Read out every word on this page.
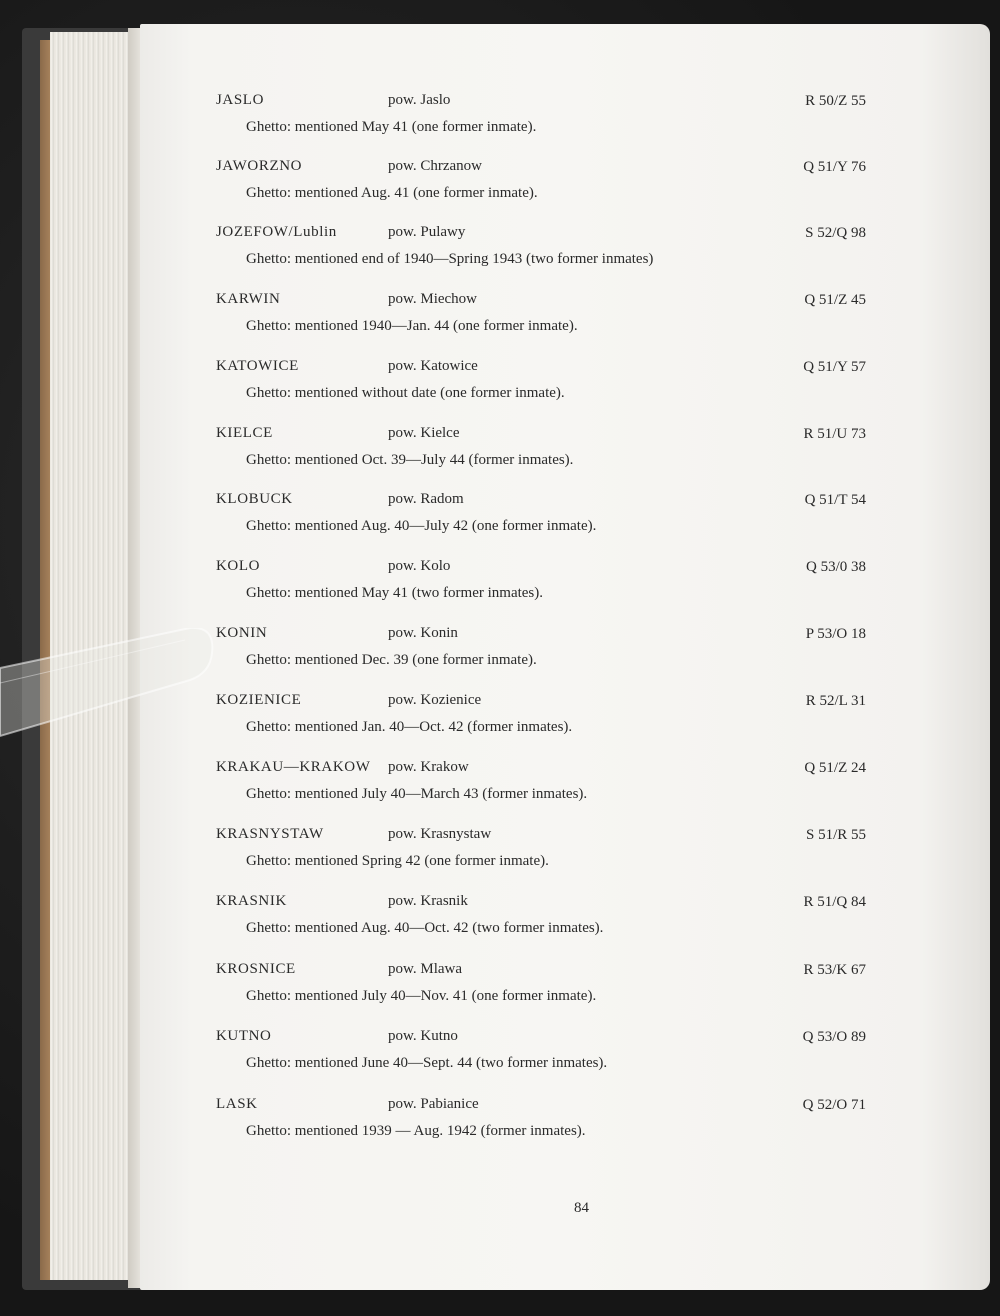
JASLO	pow. Jaslo	R 50/Z 55
Ghetto: mentioned May 41 (one former inmate).
JAWORZNO	pow. Chrzanow	Q 51/Y 76
Ghetto: mentioned Aug. 41 (one former inmate).
JOZEFOW/Lublin	pow. Pulawy	S 52/Q 98
Ghetto: mentioned end of 1940—Spring 1943 (two former inmates)
KARWIN	pow. Miechow	Q 51/Z 45
Ghetto: mentioned 1940—Jan. 44 (one former inmate).
KATOWICE	pow. Katowice	Q 51/Y 57
Ghetto: mentioned without date (one former inmate).
KIELCE	pow. Kielce	R 51/U 73
Ghetto: mentioned Oct. 39—July 44 (former inmates).
KLOBUCK	pow. Radom	Q 51/T 54
Ghetto: mentioned Aug. 40—July 42 (one former inmate).
KOLO	pow. Kolo	Q 53/0 38
Ghetto: mentioned May 41 (two former inmates).
KONIN	pow. Konin	P 53/O 18
Ghetto: mentioned Dec. 39 (one former inmate).
KOZIENICE	pow. Kozienice	R 52/L 31
Ghetto: mentioned Jan. 40—Oct. 42 (former inmates).
KRAKAU—KRAKOW pow. Krakow	Q 51/Z 24
Ghetto: mentioned July 40—March 43 (former inmates).
KRASNYSTAW	pow. Krasnystaw	S 51/R 55
Ghetto: mentioned Spring 42 (one former inmate).
KRASNIK	pow. Krasnik	R 51/Q 84
Ghetto: mentioned Aug. 40—Oct. 42 (two former inmates).
KROSNICE	pow. Mlawa	R 53/K 67
Ghetto: mentioned July 40—Nov. 41 (one former inmate).
KUTNO	pow. Kutno	Q 53/O 89
Ghetto: mentioned June 40—Sept. 44 (two former inmates).
LASK	pow. Pabianice	Q 52/O 71
Ghetto: mentioned 1939 — Aug. 1942 (former inmates).
84
